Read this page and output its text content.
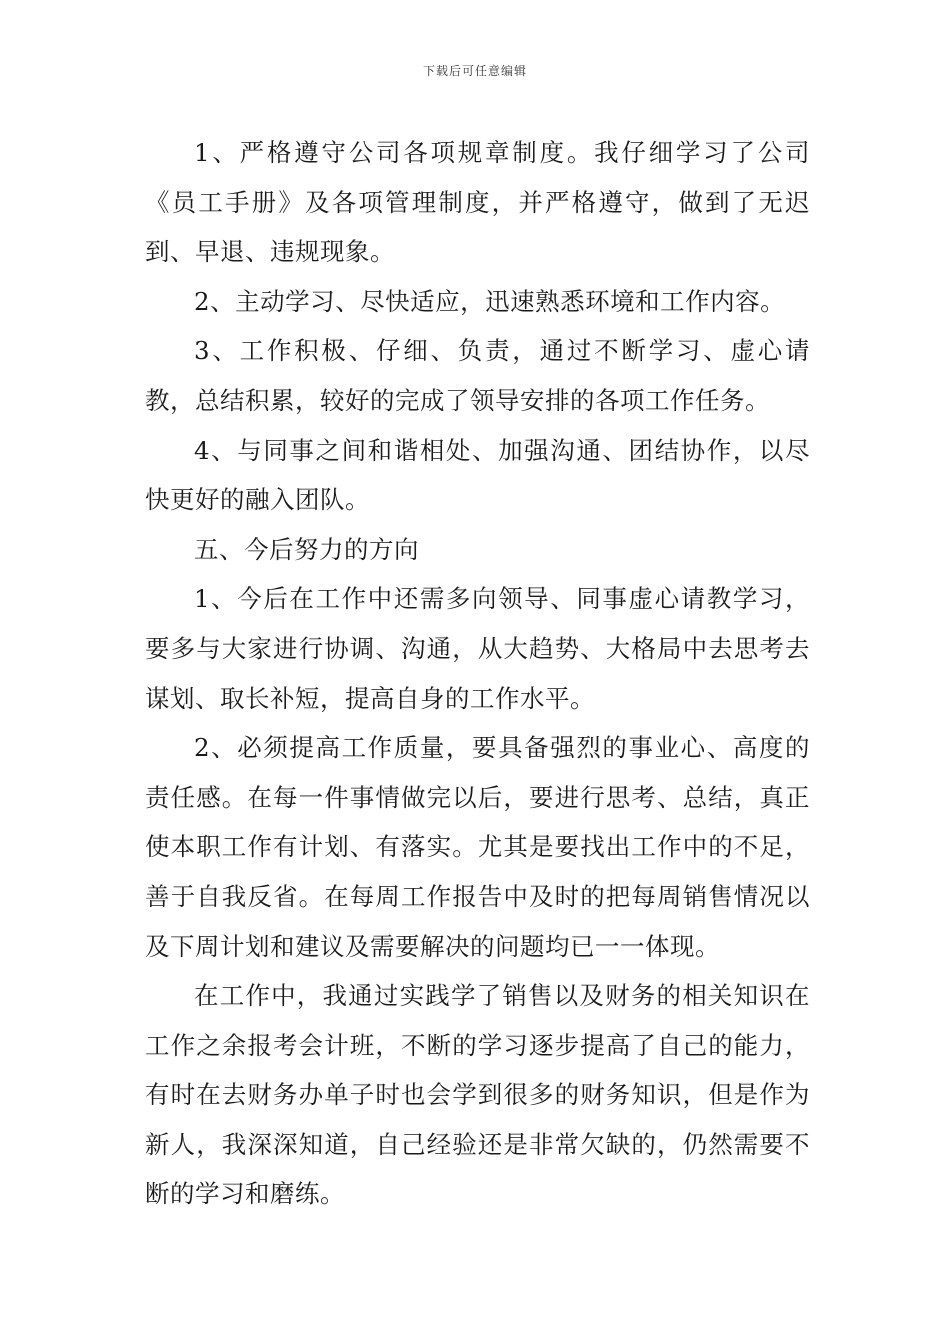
下载后可任意编辑

1、严格遵守公司各项规章制度。我仔细学习了公司《员工手册》及各项管理制度，并严格遵守，做到了无迟到、早退、违规现象。

2、主动学习、尽快适应，迅速熟悉环境和工作内容。

3、工作积极、仔细、负责，通过不断学习、虚心请教，总结积累，较好的完成了领导安排的各项工作任务。

4、与同事之间和谐相处、加强沟通、团结协作，以尽快更好的融入团队。

五、今后努力的方向

1、今后在工作中还需多向领导、同事虚心请教学习，要多与大家进行协调、沟通，从大趋势、大格局中去思考去谋划、取长补短，提高自身的工作水平。

2、必须提高工作质量，要具备强烈的事业心、高度的责任感。在每一件事情做完以后，要进行思考、总结，真正使本职工作有计划、有落实。尤其是要找出工作中的不足，善于自我反省。在每周工作报告中及时的把每周销售情况以及下周计划和建议及需要解决的问题均已一一体现。

在工作中，我通过实践学了销售以及财务的相关知识在工作之余报考会计班，不断的学习逐步提高了自己的能力，有时在去财务办单子时也会学到很多的财务知识，但是作为新人，我深深知道，自己经验还是非常欠缺的，仍然需要不断的学习和磨练。
